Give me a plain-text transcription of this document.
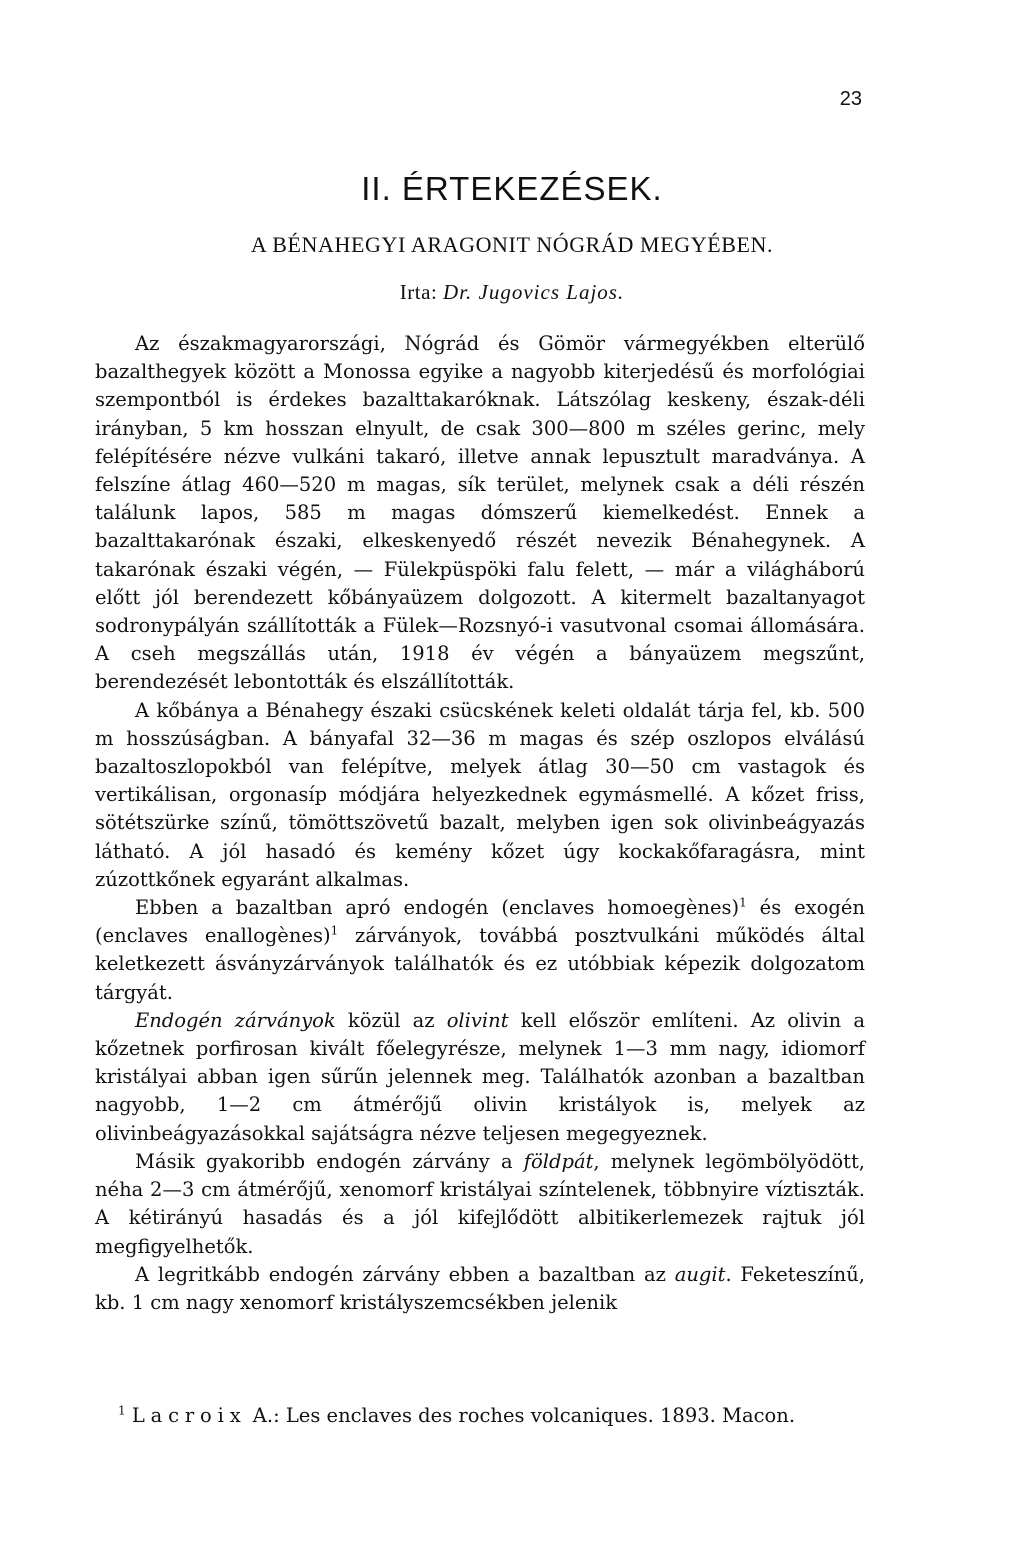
23
II. ÉRTEKEZÉSEK.
A BÉNAHEGYI ARAGONIT NÓGRÁD MEGYÉBEN.
Irta: Dr. Jugovics Lajos.

Az északmagyarországi, Nógrád és Gömör vármegyékben elterülő bazalthegyek között a Monossa egyike a nagyobb kiterjedésű és morfológiai szempontból is érdekes bazalttakaróknak. Látszólag keskeny, észak-déli irányban, 5 km hosszan elnyult, de csak 300—800 m széles gerinc, mely felépítésére nézve vulkáni takaró, illetve annak lepusztult maradványa. A felszíne átlag 460—520 m magas, sík terület, melynek csak a déli részén találunk lapos, 585 m magas dómszerű kiemelkedést. Ennek a bazalttakarónak északi, elkeskenyedő részét nevezik Bénahegynek. A takarónak északi végén, — Fülekpüspöki falu felett, — már a világháború előtt jól berendezett kőbányaüzem dolgozott. A kitermelt bazaltanyagot sodronypályán szállították a Fülek—Rozsnyó-i vasutvonal csomai állomására. A cseh megszállás után, 1918 év végén a bányaüzem megszűnt, berendezését lebontották és elszállították.

A kőbánya a Bénahegy északi csücskének keleti oldalát tárja fel, kb. 500 m hosszúságban. A bányafal 32—36 m magas és szép oszlopos elválású bazaltoszlopokból van felépítve, melyek átlag 30—50 cm vastagok és vertikálisan, orgonasíp módjára helyezkednek egymásmellé. A kőzet friss, sötétszürke színű, tömöttszövetű bazalt, melyben igen sok olivinbeágyazás látható. A jól hasadó és kemény kőzet úgy kockakőfaragásra, mint zúzottkőnek egyaránt alkalmas.

Ebben a bazaltban apró endogén (enclaves homoegènes)$^1$ és exogén (enclaves enallogènes)$^1$ zárványok, továbbá posztvulkáni működés által keletkezett ásványzárványok találhatók és ez utóbbiak képezik dolgozatom tárgyát.

Endogén zárványok közül az olivint kell először említeni. Az olivin a kőzetnek porfirosan kivált főelegyrésze, melynek 1—3 mm nagy, idiomorf kristályai abban igen sűrűn jelennek meg. Találhatók azonban a bazaltban nagyobb, 1—2 cm átmérőjű olivin kristályok is, melyek az olivinbeágyazásokkal sajátságra nézve teljesen megegyeznek.

Másik gyakoribb endogén zárvány a földpát, melynek legömbölyödött, néha 2—3 cm átmérőjű, xenomorf kristályai színtelenek, többnyire víztiszták. A kétirányú hasadás és a jól kifejlődött albitikerlemezek rajtuk jól megfigyelhetők.

A legritkább endogén zárvány ebben a bazaltban az augit. Feketeszínű, kb. 1 cm nagy xenomorf kristályszemcsékben jelenik

$^1$ Lacroix A.: Les enclaves des roches volcaniques. 1893. Macon.
